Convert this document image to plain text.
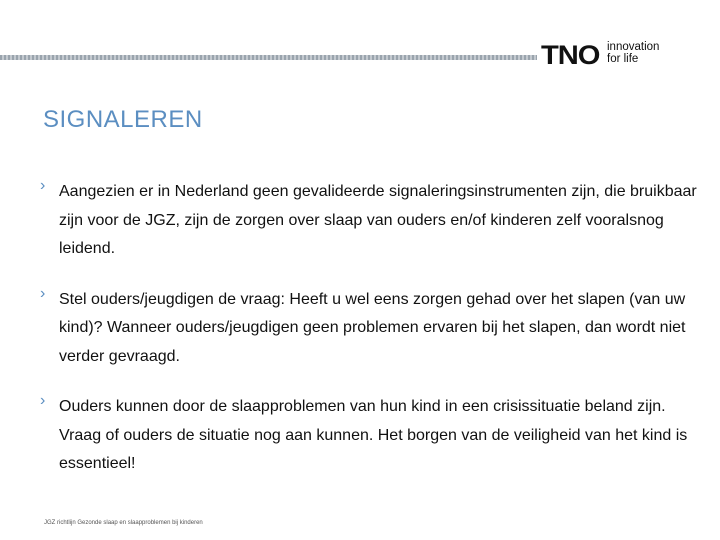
TNO innovation
for life
SIGNALEREN
› Aangezien er in Nederland geen gevalideerde signaleringsinstrumenten zijn, die bruikbaar zijn voor de JGZ, zijn de zorgen over slaap van ouders en/of kinderen zelf vooralsnog leidend.
› Stel ouders/jeugdigen de vraag: Heeft u wel eens zorgen gehad over het slapen (van uw kind)? Wanneer ouders/jeugdigen geen problemen ervaren bij het slapen, dan wordt niet verder gevraagd.
› Ouders kunnen door de slaapproblemen van hun kind in een crisissituatie beland zijn. Vraag of ouders de situatie nog aan kunnen. Het borgen van de veiligheid van het kind is essentieel!
JGZ richtlijn Gezonde slaap en slaapproblemen bij kinderen
